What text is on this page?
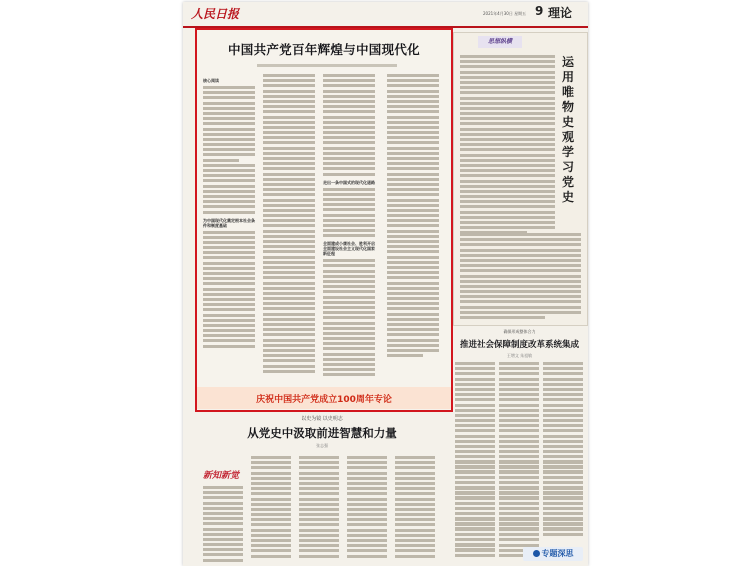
人民日报	2021年4月30日 星期五 9 理论
中国共产党百年辉煌与中国现代化
核心阅读
为中国现代化奠定根本社会条件和制度基础
走出一条中国式的现代化道路
全面建成小康社会、胜利开启全面建设社会主义现代化国家新征程
庆祝中国共产党成立100周年专论
思想纵横
运
用
唯
物
史
观
学
习
党
史
确保形成整体合力
推进社会保障制度改革系统集成
王增文 朱祖敏
以史为镜 以史明志
从党史中汲取前进智慧和力量
张志强
新知新觉
专题深思
